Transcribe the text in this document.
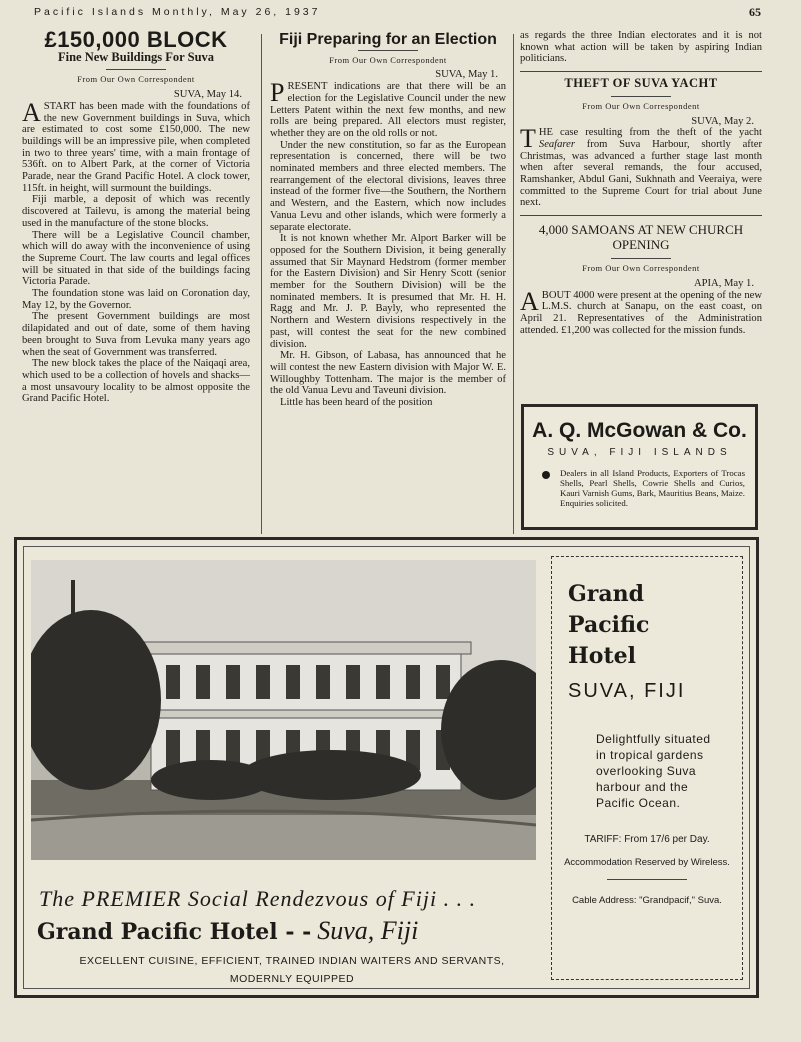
Pacific Islands Monthly, May 26, 1937	65
£150,000 BLOCK
Fine New Buildings For Suva
From Our Own Correspondent
SUVA, May 14.

ASTART has been made with the foundations of the new Government buildings in Suva, which are estimated to cost some £150,000. The new buildings will be an impressive pile, when completed in two to three years' time, with a main frontage of 536ft. on to Albert Park, at the corner of Victoria Parade, near the Grand Pacific Hotel. A clock tower, 115ft. in height, will surmount the buildings.

Fiji marble, a deposit of which was recently discovered at Tailevu, is among the material being used in the manufacture of the stone blocks.

There will be a Legislative Council chamber, which will do away with the inconvenience of using the Supreme Court. The law courts and legal offices will be situated in that side of the buildings facing Victoria Parade.

The foundation stone was laid on Coronation day, May 12, by the Governor.

The present Government buildings are most dilapidated and out of date, some of them having been brought to Suva from Levuka many years ago when the seat of Government was transferred.

The new block takes the place of the Naiqaqi area, which used to be a collection of hovels and shacks—a most unsavoury locality to be almost opposite the Grand Pacific Hotel.

Fiji Preparing for an Election
From Our Own Correspondent
SUVA, May 1.

PRESENT indications are that there will be an election for the Legislative Council under the new Letters Patent within the next few months, and new rolls are being prepared. All electors must register, whether they are on the old rolls or not.

Under the new constitution, so far as the European representation is concerned, there will be two nominated members and three elected members. The rearrangement of the electoral divisions, leaves three instead of the former five—the Southern, the Northern and Western, and the Eastern, which now includes Vanua Levu and other islands, which were formerly a separate electorate.

It is not known whether Mr. Alport Barker will be opposed for the Southern Division, it being generally assumed that Sir Maynard Hedstrom (former member for the Eastern Division) and Sir Henry Scott (senior member for the Southern Division) will be the nominated members. It is presumed that Mr. H. H. Ragg and Mr. J. P. Bayly, who represented the Northern and Western divisions respectively in the past, will contest the seat for the new combined division.

Mr. H. Gibson, of Labasa, has announced that he will contest the new Eastern division with Major W. E. Willoughby Tottenham. The major is the member of the old Vanua Levu and Taveuni division.

Little has been heard of the position

as regards the three Indian electorates and it is not known what action will be taken by aspiring Indian politicians.

THEFT OF SUVA YACHT
From Our Own Correspondent
SUVA, May 2.

THE case resulting from the theft of the yacht Seafarer from Suva Harbour, shortly after Christmas, was advanced a further stage last month when after several remands, the four accused, Ramshanker, Abdul Gani, Sukhnath and Veeraiya, were committed to the Supreme Court for trial about June next.

4,000 SAMOANS AT NEW CHURCH OPENING
From Our Own Correspondent
APIA, May 1.

ABOUT 4000 were present at the opening of the new L.M.S. church at Sanapu, on the east coast, on April 21. Representatives of the Administration attended. £1,200 was collected for the mission funds.

A. Q. McGowan & Co.
SUVA, FIJI ISLANDS
Dealers in all Island Products, Exporters of Trocas Shells, Pearl Shells, Cowrie Shells and Curios, Kauri Varnish Gums, Bark, Mauritius Beans, Maize. Enquiries solicited.
The PREMIER Social Rendezvous of Fiji . . .
Grand Pacific Hotel - - Suva, Fiji
EXCELLENT CUISINE, EFFICIENT, TRAINED INDIAN WAITERS AND SERVANTS, MODERNLY EQUIPPED
Grand
Pacific
Hotel
SUVA, FIJI
Delightfully situated in tropical gardens overlooking Suva harbour and the Pacific Ocean.
TARIFF: From 17/6 per Day.
Accommodation Reserved by Wireless.
Cable Address: "Grandpacif," Suva.
